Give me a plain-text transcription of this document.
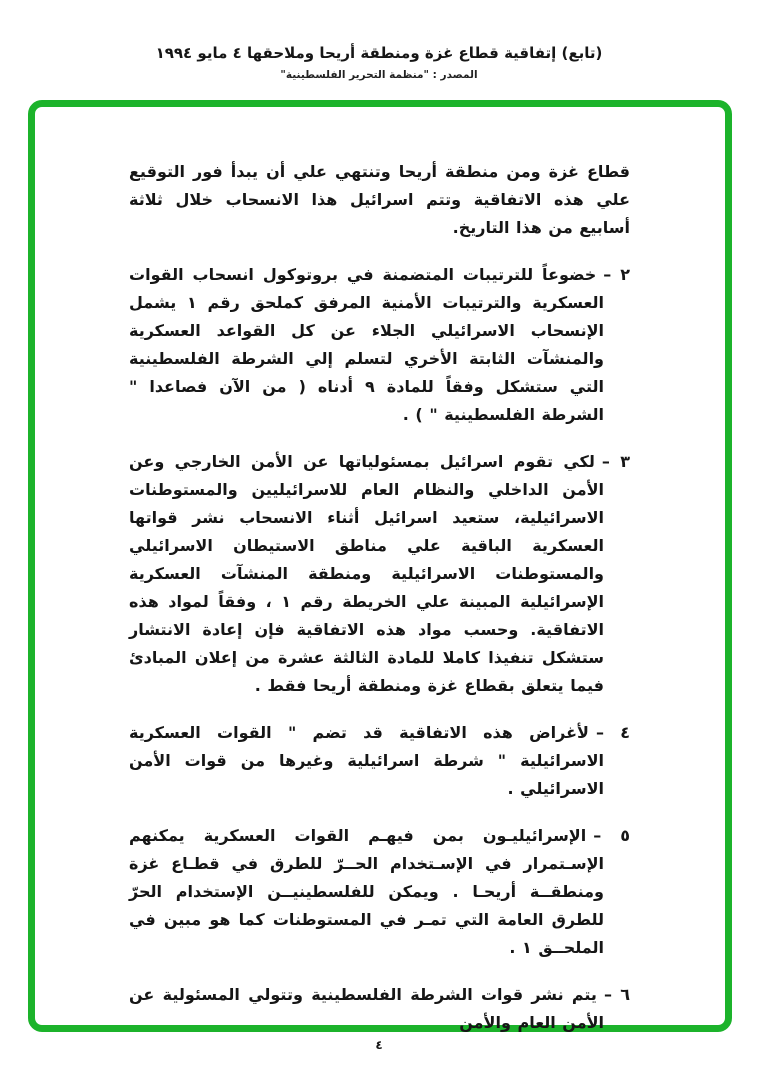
(تابع) إتفاقية قطاع غزة ومنطقة أريحا وملاحقها ٤ مايو ١٩٩٤
المصدر : "منظمة التحرير الفلسطينية"
قطاع غزة ومن منطقة أريحا وتنتهي علي أن يبدأ فور التوقيع علي هذه الاتفاقية وتتم اسرائيل هذا الانسحاب خلال ثلاثة أسابيع من هذا التاريخ.
٢ –خضوعاً للترتيبات المتضمنة في بروتوكول انسحاب القوات العسكرية والترتيبات الأمنية المرفق كملحق رقم ١ يشمل الإنسحاب الاسرائيلي الجلاء عن كل القواعد العسكرية والمنشآت الثابتة الأخري لتسلم إلي الشرطة الفلسطينية التي ستشكل وفقاً للمادة ٩ أدناه ( من الآن فصاعدا " الشرطة الفلسطينية " ) .
٣ –لكي تقوم اسرائيل بمسئولياتها عن الأمن الخارجي وعن الأمن الداخلي والنظام العام للاسرائيليين والمستوطنات الاسرائيلية، ستعيد اسرائيل أثناء الانسحاب نشر قواتها العسكرية الباقية علي مناطق الاستيطان الاسرائيلي والمستوطنات الاسرائيلية ومنطقة المنشآت العسكرية الإسرائيلية المبينة علي الخريطة رقم ١ ، وفقاً لمواد هذه الاتفاقية. وحسب مواد هذه الاتفاقية فإن إعادة الانتشار ستشكل تنفيذا كاملا للمادة الثالثة عشرة من إعلان المبادئ فيما يتعلق بقطاع غزة ومنطقة أريحا فقط .
٤ –لأغراض هذه الاتفاقية قد تضم " القوات العسكرية الاسرائيلية " شرطة اسرائيلية وغيرها من قوات الأمن الاسرائيلي .
٥ –الإسرائيليـون بمن فيهـم القوات العسكرية يمكنهم الإسـتمرار في الإسـتخدام الحــرّ للطرق في قطـاع غزة ومنطقــة أريحـا . ويمكن للفلسطينيــن الإستخدام الحرّ للطرق العامة التي تمـر في المستوطنات كما هو مبين في الملحــق ١ .
٦ –يتم نشر قوات الشرطة الفلسطينية وتتولي المسئولية عن الأمن العام والأمن
٤
